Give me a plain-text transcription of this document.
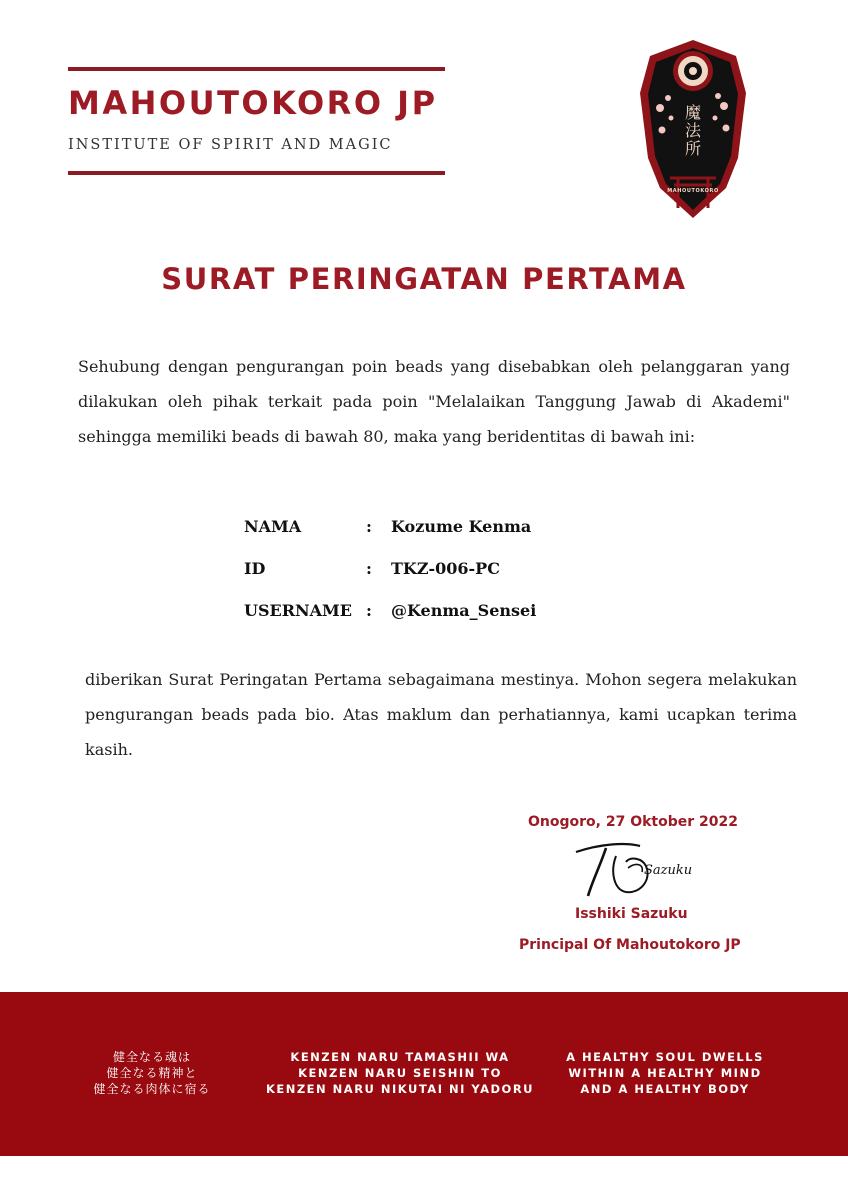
MAHOUTOKORO JP
INSTITUTE OF SPIRIT AND MAGIC
魔
法
所
MAHOUTOKORO
SURAT PERINGATAN PERTAMA
Sehubung dengan pengurangan poin beads yang disebabkan oleh pelanggaran yang dilakukan oleh pihak terkait pada poin "Melalaikan Tanggung Jawab di Akademi" sehingga memiliki beads di bawah 80, maka yang beridentitas di bawah ini:
NAMA	:	Kozume Kenma
ID	:	TKZ-006-PC
USERNAME :	@Kenma_Sensei
diberikan Surat Peringatan Pertama sebagaimana mestinya. Mohon segera melakukan pengurangan beads pada bio. Atas maklum dan perhatiannya, kami ucapkan terima kasih.
Onogoro, 27 Oktober 2022
Sazuku
Isshiki Sazuku
Principal Of Mahoutokoro JP
健全なる魂は
健全なる精神と
健全なる肉体に宿る
KENZEN NARU TAMASHII WA
KENZEN NARU SEISHIN TO
KENZEN NARU NIKUTAI NI YADORU
A HEALTHY SOUL DWELLS
WITHIN A HEALTHY MIND
AND A HEALTHY BODY
